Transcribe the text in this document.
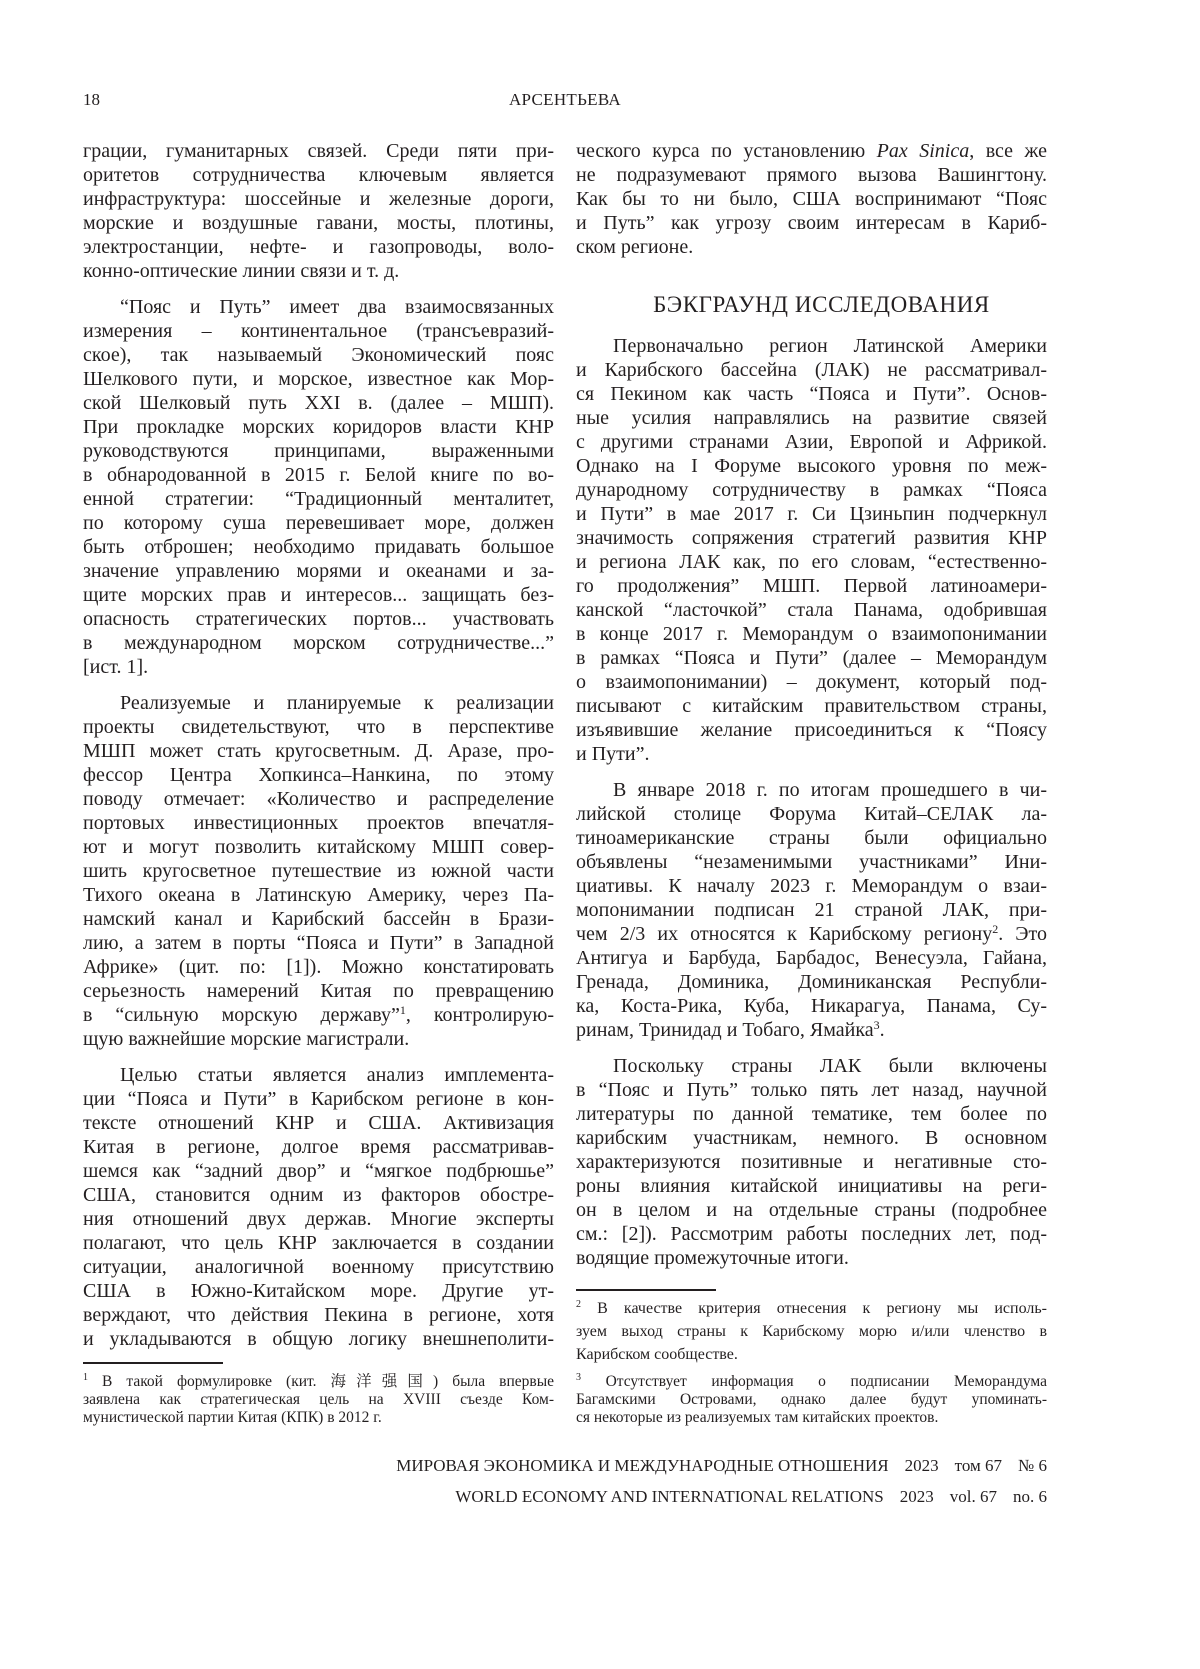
18	АРСЕНТЬЕВА
грации, гуманитарных связей. Среди пяти при-
оритетов сотрудничества ключевым является
инфраструктура: шоссейные и железные дороги,
морские и воздушные гавани, мосты, плотины,
электростанции, нефте- и газопроводы, воло-
конно-оптические линии связи и т. д.
“Пояс и Путь” имеет два взаимосвязанных
измерения – континентальное (трансъевразий-
ское), так называемый Экономический пояс
Шелкового пути, и морское, известное как Мор-
ской Шелковый путь XXI в. (далее – МШП).
При прокладке морских коридоров власти КНР
руководствуются принципами, выраженными
в обнародованной в 2015 г. Белой книге по во-
енной стратегии: “Традиционный менталитет,
по которому суша перевешивает море, должен
быть отброшен; необходимо придавать большое
значение управлению морями и океанами и за-
щите морских прав и интересов... защищать без-
опасность стратегических портов... участвовать
в международном морском сотрудничестве...”
[ист. 1].
Реализуемые и планируемые к реализации
проекты свидетельствуют, что в перспективе
МШП может стать кругосветным. Д. Аразе, про-
фессор Центра Хопкинса–Нанкина, по этому
поводу отмечает: «Количество и распределение
портовых инвестиционных проектов впечатля-
ют и могут позволить китайскому МШП совер-
шить кругосветное путешествие из южной части
Тихого океана в Латинскую Америку, через Па-
намский канал и Карибский бассейн в Брази-
лию, а затем в порты “Пояса и Пути” в Западной
Африке» (цит. по: [1]). Можно констатировать
серьезность намерений Китая по превращению
в “сильную морскую державу”$^1$, контролирую-
щую важнейшие морские магистрали.
Целью статьи является анализ имплемента-
ции “Пояса и Пути” в Карибском регионе в кон-
тексте отношений КНР и США. Активизация
Китая в регионе, долгое время рассматривав-
шемся как “задний двор” и “мягкое подбрюшье”
США, становится одним из факторов обостре-
ния отношений двух держав. Многие эксперты
полагают, что цель КНР заключается в создании
ситуации, аналогичной военному присутствию
США в Южно-Китайском море. Другие ут-
верждают, что действия Пекина в регионе, хотя
и укладываются в общую логику внешнеполити-
ческого курса по установлению Pax Sinica, все же
не подразумевают прямого вызова Вашингтону.
Как бы то ни было, США воспринимают “Пояс
и Путь” как угрозу своим интересам в Кариб-
ском регионе.
БЭКГРАУНД ИССЛЕДОВАНИЯ
Первоначально регион Латинской Америки
и Карибского бассейна (ЛАК) не рассматривал-
ся Пекином как часть “Пояса и Пути”. Основ-
ные усилия направлялись на развитие связей
с другими странами Азии, Европой и Африкой.
Однако на I Форуме высокого уровня по меж-
дународному сотрудничеству в рамках “Пояса
и Пути” в мае 2017 г. Си Цзиньпин подчеркнул
значимость сопряжения стратегий развития КНР
и региона ЛАК как, по его словам, “естественно-
го продолжения” МШП. Первой латиноамери-
канской “ласточкой” стала Панама, одобрившая
в конце 2017 г. Меморандум о взаимопонимании
в рамках “Пояса и Пути” (далее – Меморандум
о взаимопонимании) – документ, который под-
писывают с китайским правительством страны,
изъявившие желание присоединиться к “Поясу
и Пути”.
В январе 2018 г. по итогам прошедшего в чи-
лийской столице Форума Китай–СЕЛАК ла-
тиноамериканские страны были официально
объявлены “незаменимыми участниками” Ини-
циативы. К началу 2023 г. Меморандум о взаи-
мопонимании подписан 21 страной ЛАК, при-
чем 2/3 их относятся к Карибскому региону$^2$. Это
Антигуа и Барбуда, Барбадос, Венесуэла, Гайана,
Гренада, Доминика, Доминиканская Республи-
ка, Коста-Рика, Куба, Никарагуа, Панама, Су-
ринам, Тринидад и Тобаго, Ямайка$^3$.
Поскольку страны ЛАК были включены
в “Пояс и Путь” только пять лет назад, научной
литературы по данной тематике, тем более по
карибским участникам, немного. В основном
характеризуются позитивные и негативные сто-
роны влияния китайской инициативы на реги-
он в целом и на отдельные страны (подробнее
см.: [2]). Рассмотрим работы последних лет, под-
водящие промежуточные итоги.
$^1$ В такой формулировке (кит. 海洋强国) была впервые
заявлена как стратегическая цель на XVIII съезде Ком-
мунистической партии Китая (КПК) в 2012 г.
$^2$ В качестве критерия отнесения к региону мы исполь-
зуем выход страны к Карибскому морю и/или членство в
Карибском сообществе.
$^3$ Отсутствует информация о подписании Меморандума
Багамскими Островами, однако далее будут упоминать-
ся некоторые из реализуемых там китайских проектов.
МИРОВАЯ ЭКОНОМИКА И МЕЖДУНАРОДНЫЕ ОТНОШЕНИЯ 2023 том 67 № 6
WORLD ECONOMY AND INTERNATIONAL RELATIONS 2023 vol. 67 no. 6
